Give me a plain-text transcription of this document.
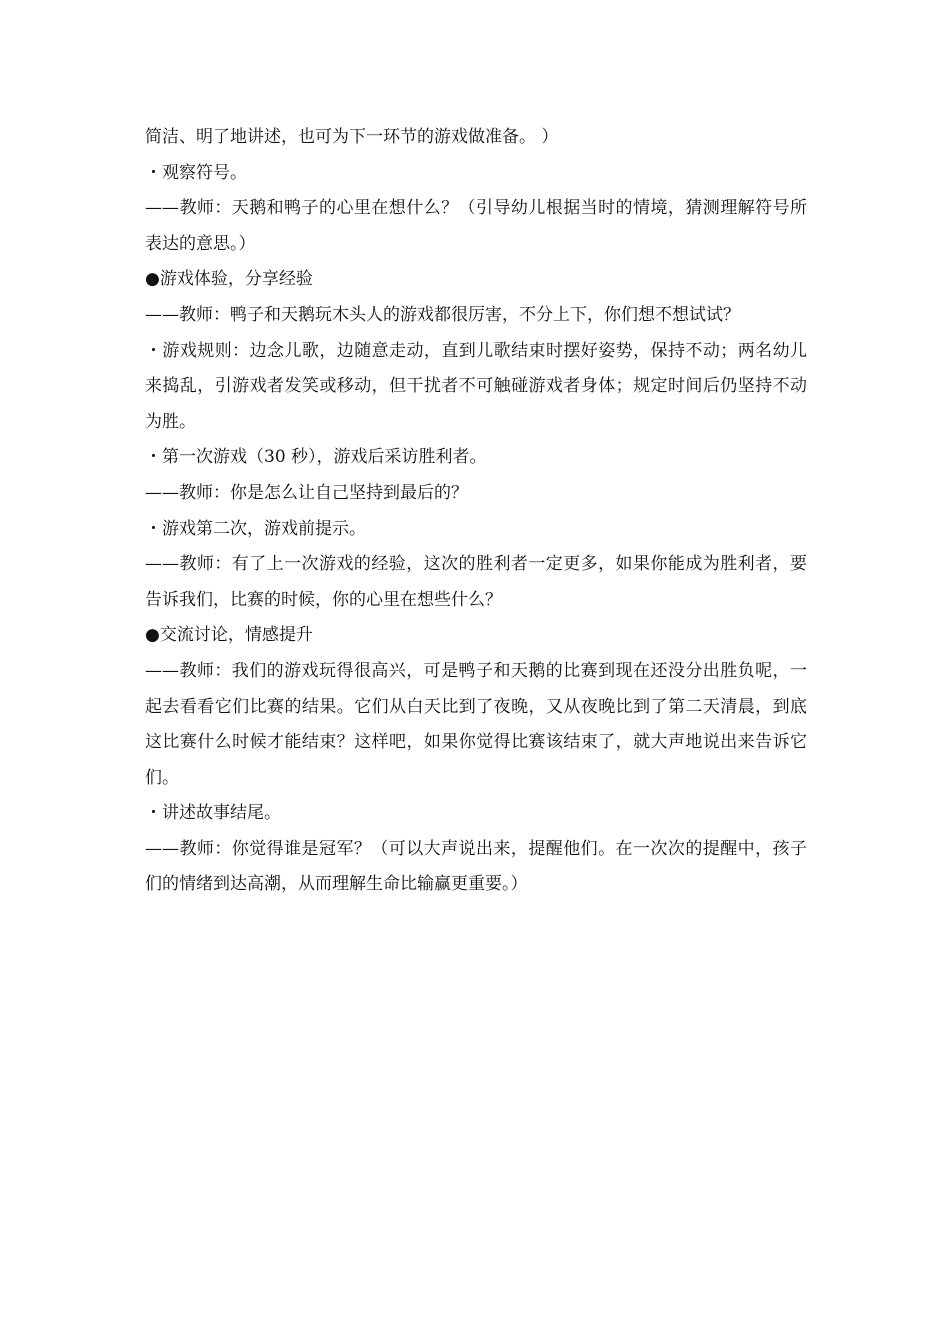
简洁、明了地讲述，也可为下一环节的游戏做准备。 ）

・观察符号。

——教师：天鹅和鸭子的心里在想什么？（引导幼儿根据当时的情境，猜测理解符号所表达的意思。）

●游戏体验，分享经验

——教师：鸭子和天鹅玩木头人的游戏都很厉害，不分上下，你们想不想试试？

・游戏规则：边念儿歌，边随意走动，直到儿歌结束时摆好姿势，保持不动；两名幼儿来捣乱，引游戏者发笑或移动，但干扰者不可触碰游戏者身体；规定时间后仍坚持不动为胜。

・第一次游戏（30 秒），游戏后采访胜利者。

——教师：你是怎么让自己坚持到最后的？

・游戏第二次，游戏前提示。

——教师：有了上一次游戏的经验，这次的胜利者一定更多，如果你能成为胜利者，要告诉我们，比赛的时候，你的心里在想些什么？

●交流讨论，情感提升

——教师：我们的游戏玩得很高兴，可是鸭子和天鹅的比赛到现在还没分出胜负呢，一起去看看它们比赛的结果。它们从白天比到了夜晚，又从夜晚比到了第二天清晨，到底这比赛什么时候才能结束？这样吧，如果你觉得比赛该结束了，就大声地说出来告诉它们。

・讲述故事结尾。

——教师：你觉得谁是冠军？（可以大声说出来，提醒他们。在一次次的提醒中，孩子们的情绪到达高潮，从而理解生命比输赢更重要。）
